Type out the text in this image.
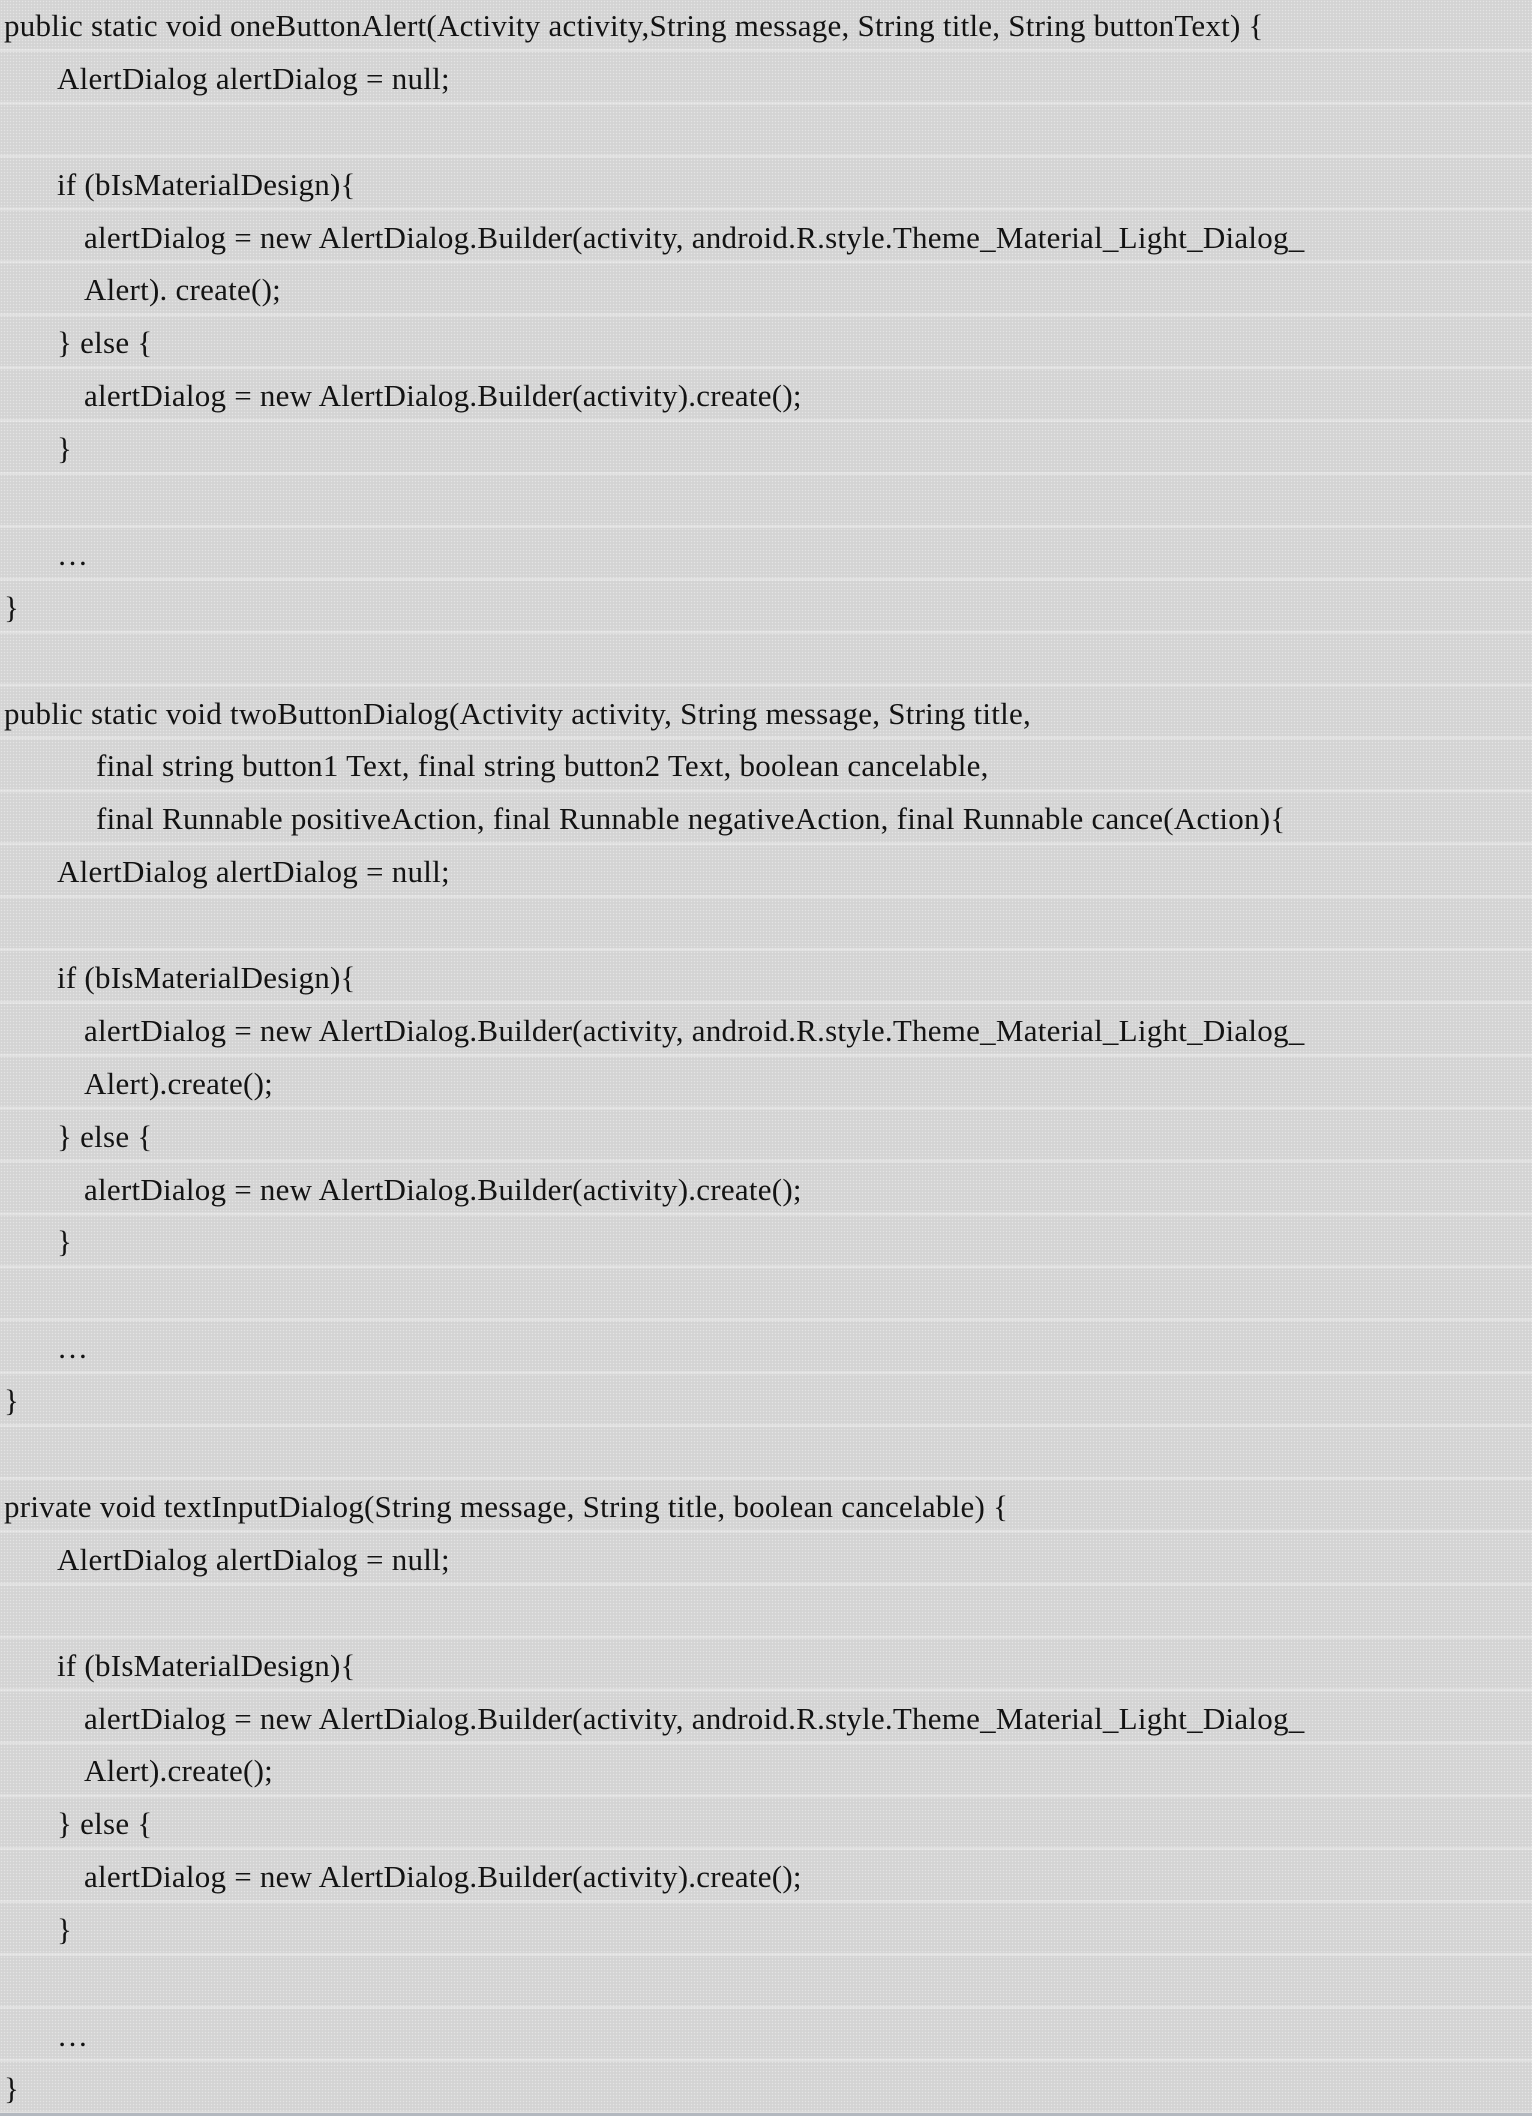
public static void oneButtonAlert(Activity activity,String message, String title, String buttonText) {
AlertDialog alertDialog = null;
if (bIsMaterialDesign){
alertDialog = new AlertDialog.Builder(activity, android.R.style.Theme_Material_Light_Dialog_
Alert). create();
} else {
alertDialog = new AlertDialog.Builder(activity).create();
}
…
}
public static void twoButtonDialog(Activity activity, String message, String title,
final string button1 Text, final string button2 Text, boolean cancelable,
final Runnable positiveAction, final Runnable negativeAction, final Runnable cance(Action){
AlertDialog alertDialog = null;
if (bIsMaterialDesign){
alertDialog = new AlertDialog.Builder(activity, android.R.style.Theme_Material_Light_Dialog_
Alert).create();
} else {
alertDialog = new AlertDialog.Builder(activity).create();
}
…
}
private void textInputDialog(String message, String title, boolean cancelable) {
AlertDialog alertDialog = null;
if (bIsMaterialDesign){
alertDialog = new AlertDialog.Builder(activity, android.R.style.Theme_Material_Light_Dialog_
Alert).create();
} else {
alertDialog = new AlertDialog.Builder(activity).create();
}
…
}
